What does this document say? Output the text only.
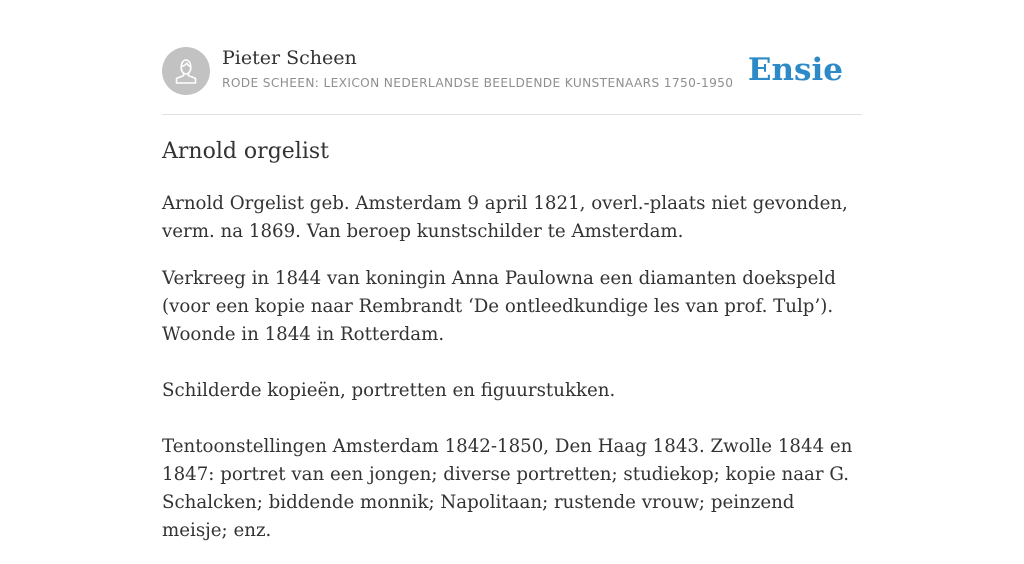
Pieter Scheen
RODE SCHEEN: LEXICON NEDERLANDSE BEELDENDE KUNSTENAARS 1750-1950 Ensie
Arnold orgelist

Arnold Orgelist geb. Amsterdam 9 april 1821, overl.-plaats niet gevonden, verm. na 1869. Van beroep kunstschilder te Amsterdam.

Verkreeg in 1844 van koningin Anna Paulowna een diamanten doekspeld (voor een kopie naar Rembrandt ‘De ontleedkundige les van prof. Tulp’). Woonde in 1844 in Rotterdam.

Schilderde kopieën, portretten en figuurstukken.

Tentoonstellingen Amsterdam 1842-1850, Den Haag 1843. Zwolle 1844 en 1847: portret van een jongen; diverse portretten; studiekop; kopie naar G. Schalcken; biddende monnik; Napolitaan; rustende vrouw; peinzend meisje; enz.
